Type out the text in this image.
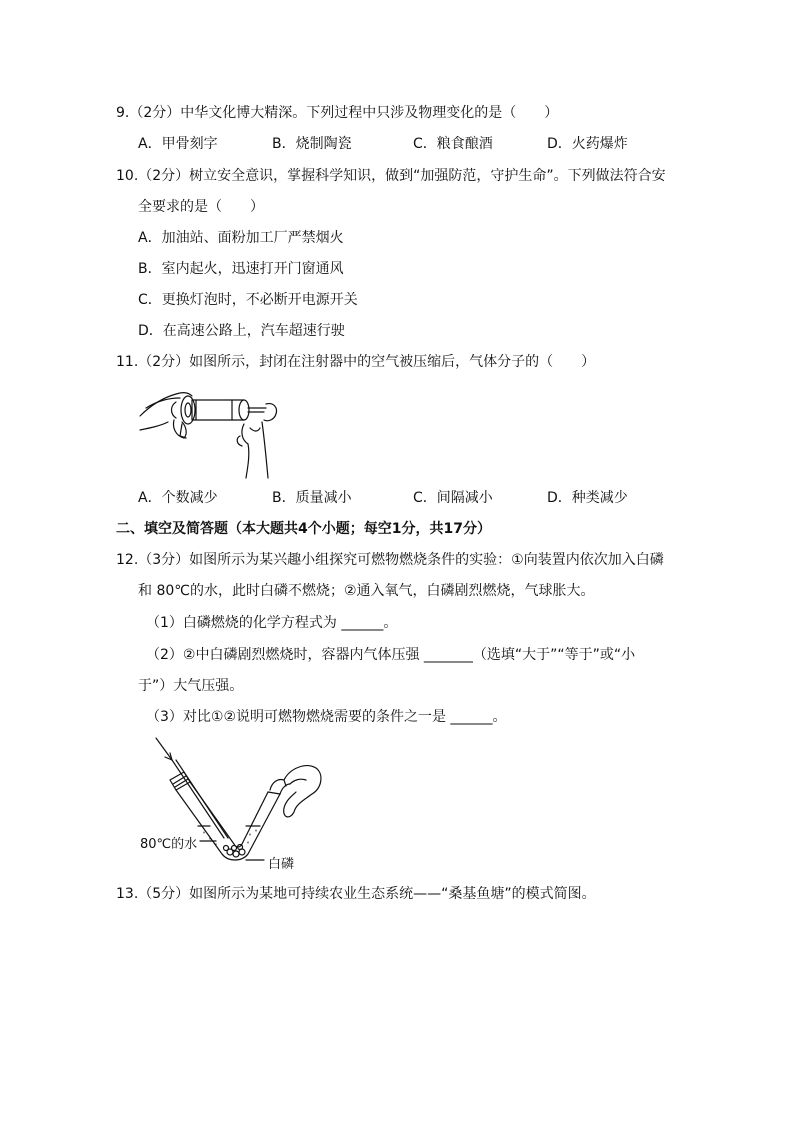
9.（2分）中华文化博大精深。下列过程中只涉及物理变化的是（　　）
A．甲骨刻字	B．烧制陶瓷	C．粮食酿酒	D．火药爆炸
10.（2分）树立安全意识，掌握科学知识，做到“加强防范，守护生命”。下列做法符合安
全要求的是（　　）
A．加油站、面粉加工厂严禁烟火
B．室内起火，迅速打开门窗通风
C．更换灯泡时，不必断开电源开关
D．在高速公路上，汽车超速行驶
11.（2分）如图所示，封闭在注射器中的空气被压缩后，气体分子的（　　）
A．个数减少	B．质量减小	C．间隔减小	D．种类减少
二、填空及简答题（本大题共4个小题；每空1分，共17分）
12.（3分）如图所示为某兴趣小组探究可燃物燃烧条件的实验：①向装置内依次加入白磷
和 80℃的水，此时白磷不燃烧；②通入氧气，白磷剧烈燃烧，气球胀大。
（1）白磷燃烧的化学方程式为 ______。
（2）②中白磷剧烈燃烧时，容器内气体压强 _______（选填“大于”“等于”或“小
于”）大气压强。
（3）对比①②说明可燃物燃烧需要的条件之一是 ______。
80℃的水
白磷
13.（5分）如图所示为某地可持续农业生态系统——“桑基鱼塘”的模式简图。
